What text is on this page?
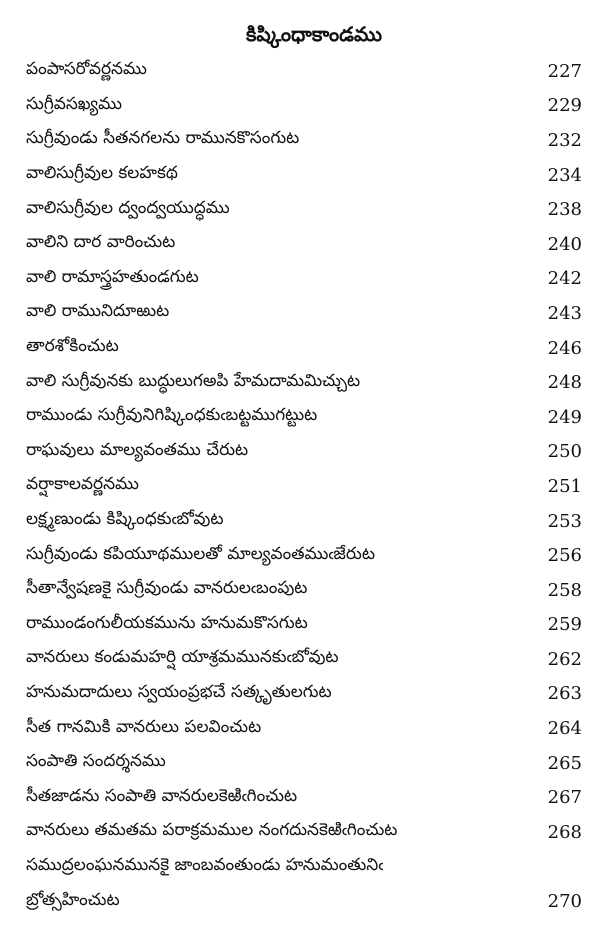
కిష్కింధాకాండము
పంపాసరోవర్ణనము	227
సుగ్రీవసఖ్యము	229
సుగ్రీవుండు సీతనగలను రామునకొసంగుట	232
వాలిసుగ్రీవుల కలహకథ	234
వాలిసుగ్రీవుల ద్వంద్వయుద్ధము	238
వాలిని దార వారించుట	240
వాలి రామాస్త్రహతుండగుట	242
వాలి రామునిదూఱుట	243
తారశోకించుట	246
వాలి సుగ్రీవునకు బుద్ధులుగఅపి హేమదామమిచ్చుట	248
రాముండు సుగ్రీవునిగిష్కింధకుఁబట్టముగట్టుట	249
రాఘవులు మాల్యవంతము చేరుట	250
వర్షాకాలవర్ణనము	251
లక్ష్మణుండు కిష్కింధకుఁబోవుట	253
సుగ్రీవుండు కపియూథములతో మాల్యవంతముఁజేరుట	256
సీతాన్వేషణకై సుగ్రీవుండు వానరులఁబంపుట	258
రాముండంగులీయకమును హనుమకొసగుట	259
వానరులు కండుమహర్షి యాశ్రమమునకుఁబోవుట	262
హనుమదాదులు స్వయంప్రభచే సత్కృతులగుట	263
సీత గానమికి వానరులు పలవించుట	264
సంపాతి సందర్శనము	265
సీతజాడను సంపాతి వానరులకెఱిఁగించుట	267
వానరులు తమతమ పరాక్రమముల నంగదునకెఱిఁగించుట	268
సముద్రలంఘనమునకై జాంబవంతుండు హనుమంతునిఁ
బ్రోత్సహించుట	270
